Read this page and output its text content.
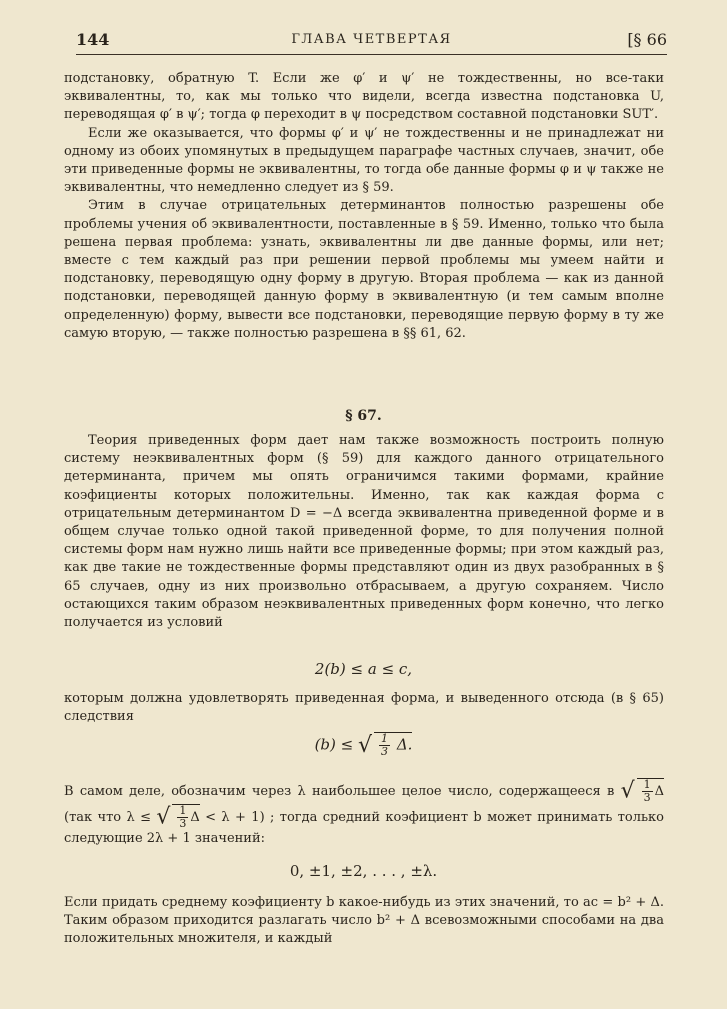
144	ГЛАВА ЧЕТВЕРТАЯ	[§ 66

подстановку, обратную T. Если же φ′ и ψ′ не тождественны, но все-таки эквивалентны, то, как мы только что видели, всегда известна подстановка U, переводящая φ′ в ψ′; тогда φ переходит в ψ посредством составной подстановки SUT′.

Если же оказывается, что формы φ′ и ψ′ не тождественны и не принадлежат ни одному из обоих упомянутых в предыдущем параграфе частных случаев, значит, обе эти приведенные формы не эквивалентны, то тогда обе данные формы φ и ψ также не эквивалентны, что немедленно следует из § 59.

Этим в случае отрицательных детерминантов полностью разрешены обе проблемы учения об эквивалентности, поставленные в § 59. Именно, только что была решена первая проблема: узнать, эквивалентны ли две данные формы, или нет; вместе с тем каждый раз при решении первой проблемы мы умеем найти и подстановку, переводящую одну форму в другую. Вторая проблема — как из данной подстановки, переводящей данную форму в эквивалентную (и тем самым вполне определенную) форму, вывести все подстановки, переводящие первую форму в ту же самую вторую, — также полностью разрешена в §§ 61, 62.

§ 67.

Теория приведенных форм дает нам также возможность построить полную систему неэквивалентных форм (§ 59) для каждого данного отрицательного детерминанта, причем мы опять ограничимся такими формами, крайние коэфициенты которых положительны. Именно, так как каждая форма с отрицательным детерминантом D = −Δ всегда эквивалентна приведенной форме и в общем случае только одной такой приведенной форме, то для получения полной системы форм нам нужно лишь найти все приведенные формы; при этом каждый раз, как две такие не тождественные формы представляют один из двух разобранных в § 65 случаев, одну из них произвольно отбрасываем, а другую сохраняем. Число остающихся таким образом неэквивалентных приведенных форм конечно, что легко получается из условий

2(b) ≤ a ≤ c,

которым должна удовлетворять приведенная форма, и выведенного отсюда (в § 65) следствия

(b) ≤ √ $\frac{1}{3} \Delta$.

В самом деле, обозначим через λ наибольшее целое число, содержащееся в √ $\frac{1}{3}$ Δ (так что λ ≤ √ $\frac{1}{3}$ Δ < λ + 1) ; тогда средний коэфициент b может принимать только следующие 2λ + 1 значений:

0, ±1, ±2, . . . , ±λ.

Если придать среднему коэфициенту b какое-нибудь из этих значений, то ac = b² + Δ. Таким образом приходится разлагать число b² + Δ всевозможными способами на два положительных множителя, и каждый
